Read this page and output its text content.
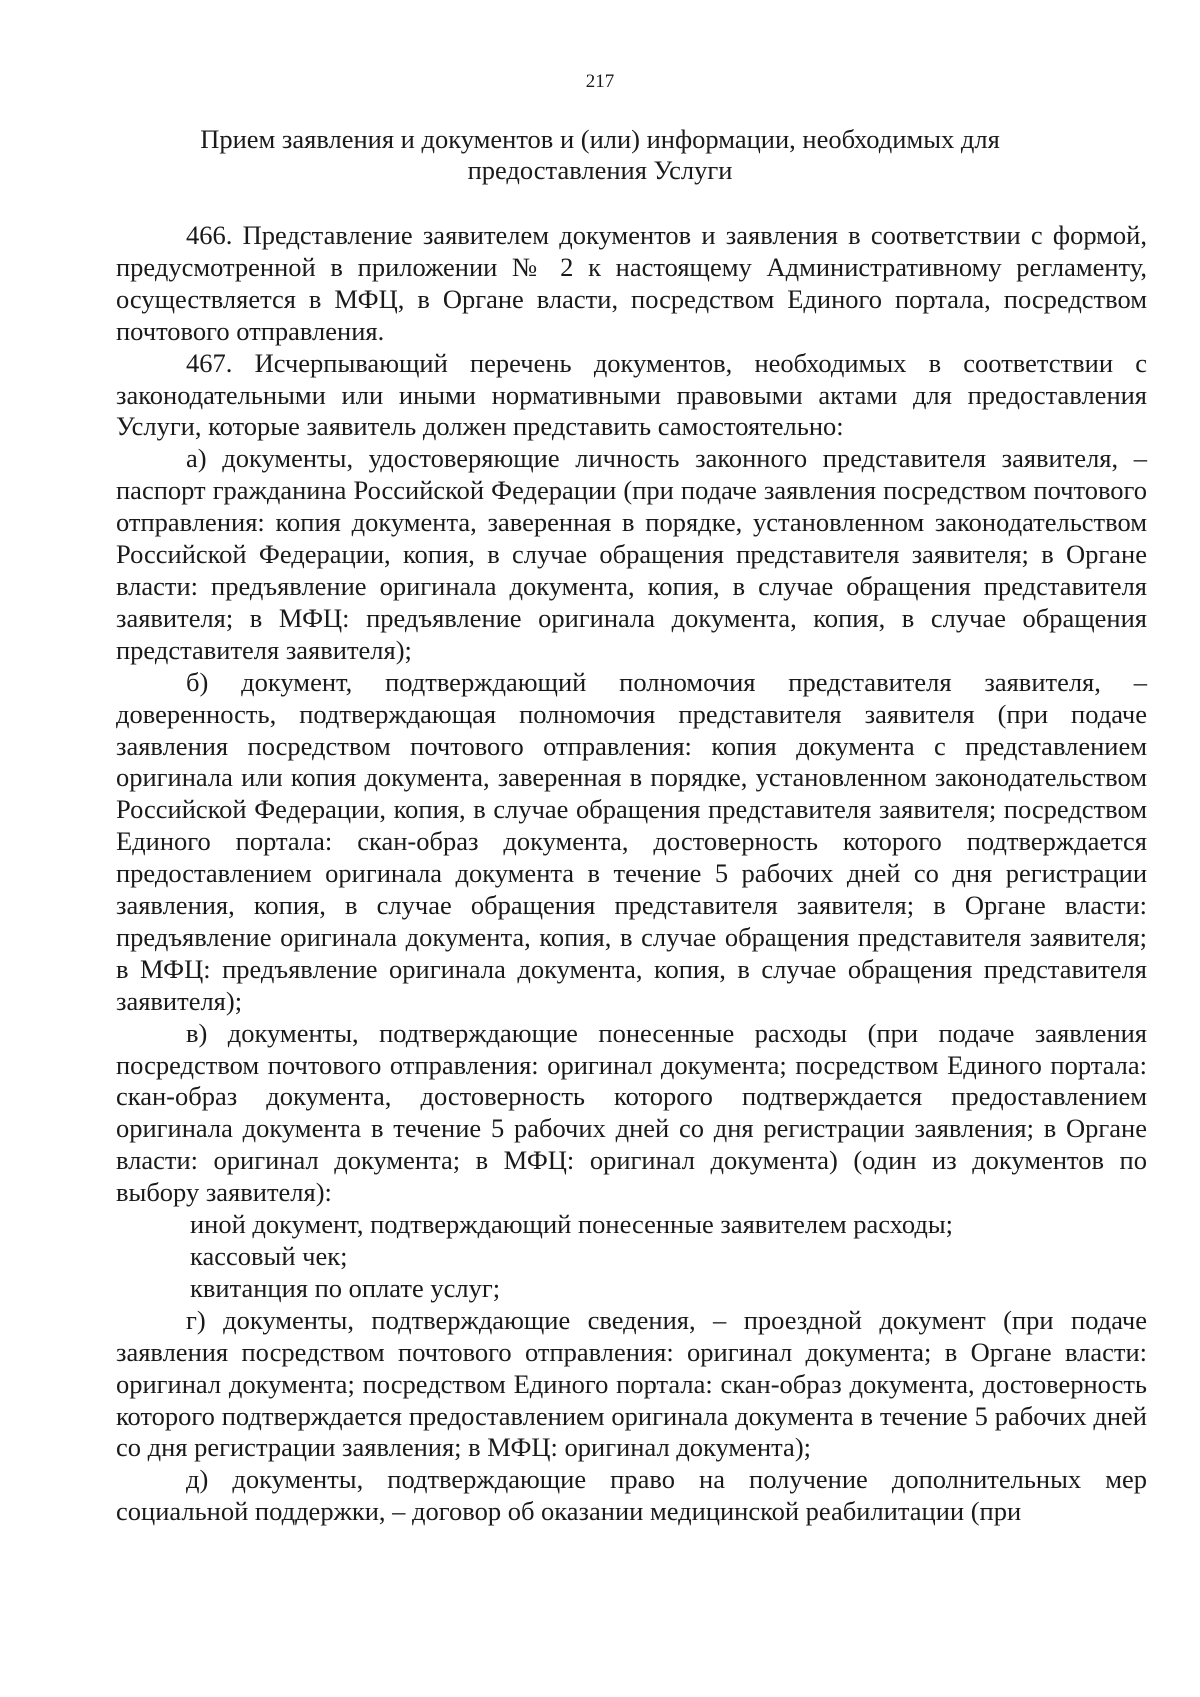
217
Прием заявления и документов и (или) информации, необходимых для
предоставления Услуги

466. Представление заявителем документов и заявления в соответствии с формой, предусмотренной в приложении № 2 к настоящему Административному регламенту, осуществляется в МФЦ, в Органе власти, посредством Единого портала, посредством почтового отправления.

467. Исчерпывающий перечень документов, необходимых в соответствии с законодательными или иными нормативными правовыми актами для предоставления Услуги, которые заявитель должен представить самостоятельно:

а) документы, удостоверяющие личность законного представителя заявителя, – паспорт гражданина Российской Федерации (при подаче заявления посредством почтового отправления: копия документа, заверенная в порядке, установленном законодательством Российской Федерации, копия, в случае обращения представителя заявителя; в Органе власти: предъявление оригинала документа, копия, в случае обращения представителя заявителя; в МФЦ: предъявление оригинала документа, копия, в случае обращения представителя заявителя);

б) документ, подтверждающий полномочия представителя заявителя, – доверенность, подтверждающая полномочия представителя заявителя (при подаче заявления посредством почтового отправления: копия документа с представлением оригинала или копия документа, заверенная в порядке, установленном законодательством Российской Федерации, копия, в случае обращения представителя заявителя; посредством Единого портала: скан-образ документа, достоверность которого подтверждается предоставлением оригинала документа в течение 5 рабочих дней со дня регистрации заявления, копия, в случае обращения представителя заявителя; в Органе власти: предъявление оригинала документа, копия, в случае обращения представителя заявителя; в МФЦ: предъявление оригинала документа, копия, в случае обращения представителя заявителя);

в) документы, подтверждающие понесенные расходы (при подаче заявления посредством почтового отправления: оригинал документа; посредством Единого портала: скан-образ документа, достоверность которого подтверждается предоставлением оригинала документа в течение 5 рабочих дней со дня регистрации заявления; в Органе власти: оригинал документа; в МФЦ: оригинал документа) (один из документов по выбору заявителя):

иной документ, подтверждающий понесенные заявителем расходы;

кассовый чек;

квитанция по оплате услуг;

г) документы, подтверждающие сведения, – проездной документ (при подаче заявления посредством почтового отправления: оригинал документа; в Органе власти: оригинал документа; посредством Единого портала: скан-образ документа, достоверность которого подтверждается предоставлением оригинала документа в течение 5 рабочих дней со дня регистрации заявления; в МФЦ: оригинал документа);

д) документы, подтверждающие право на получение дополнительных мер социальной поддержки, – договор об оказании медицинской реабилитации (при
